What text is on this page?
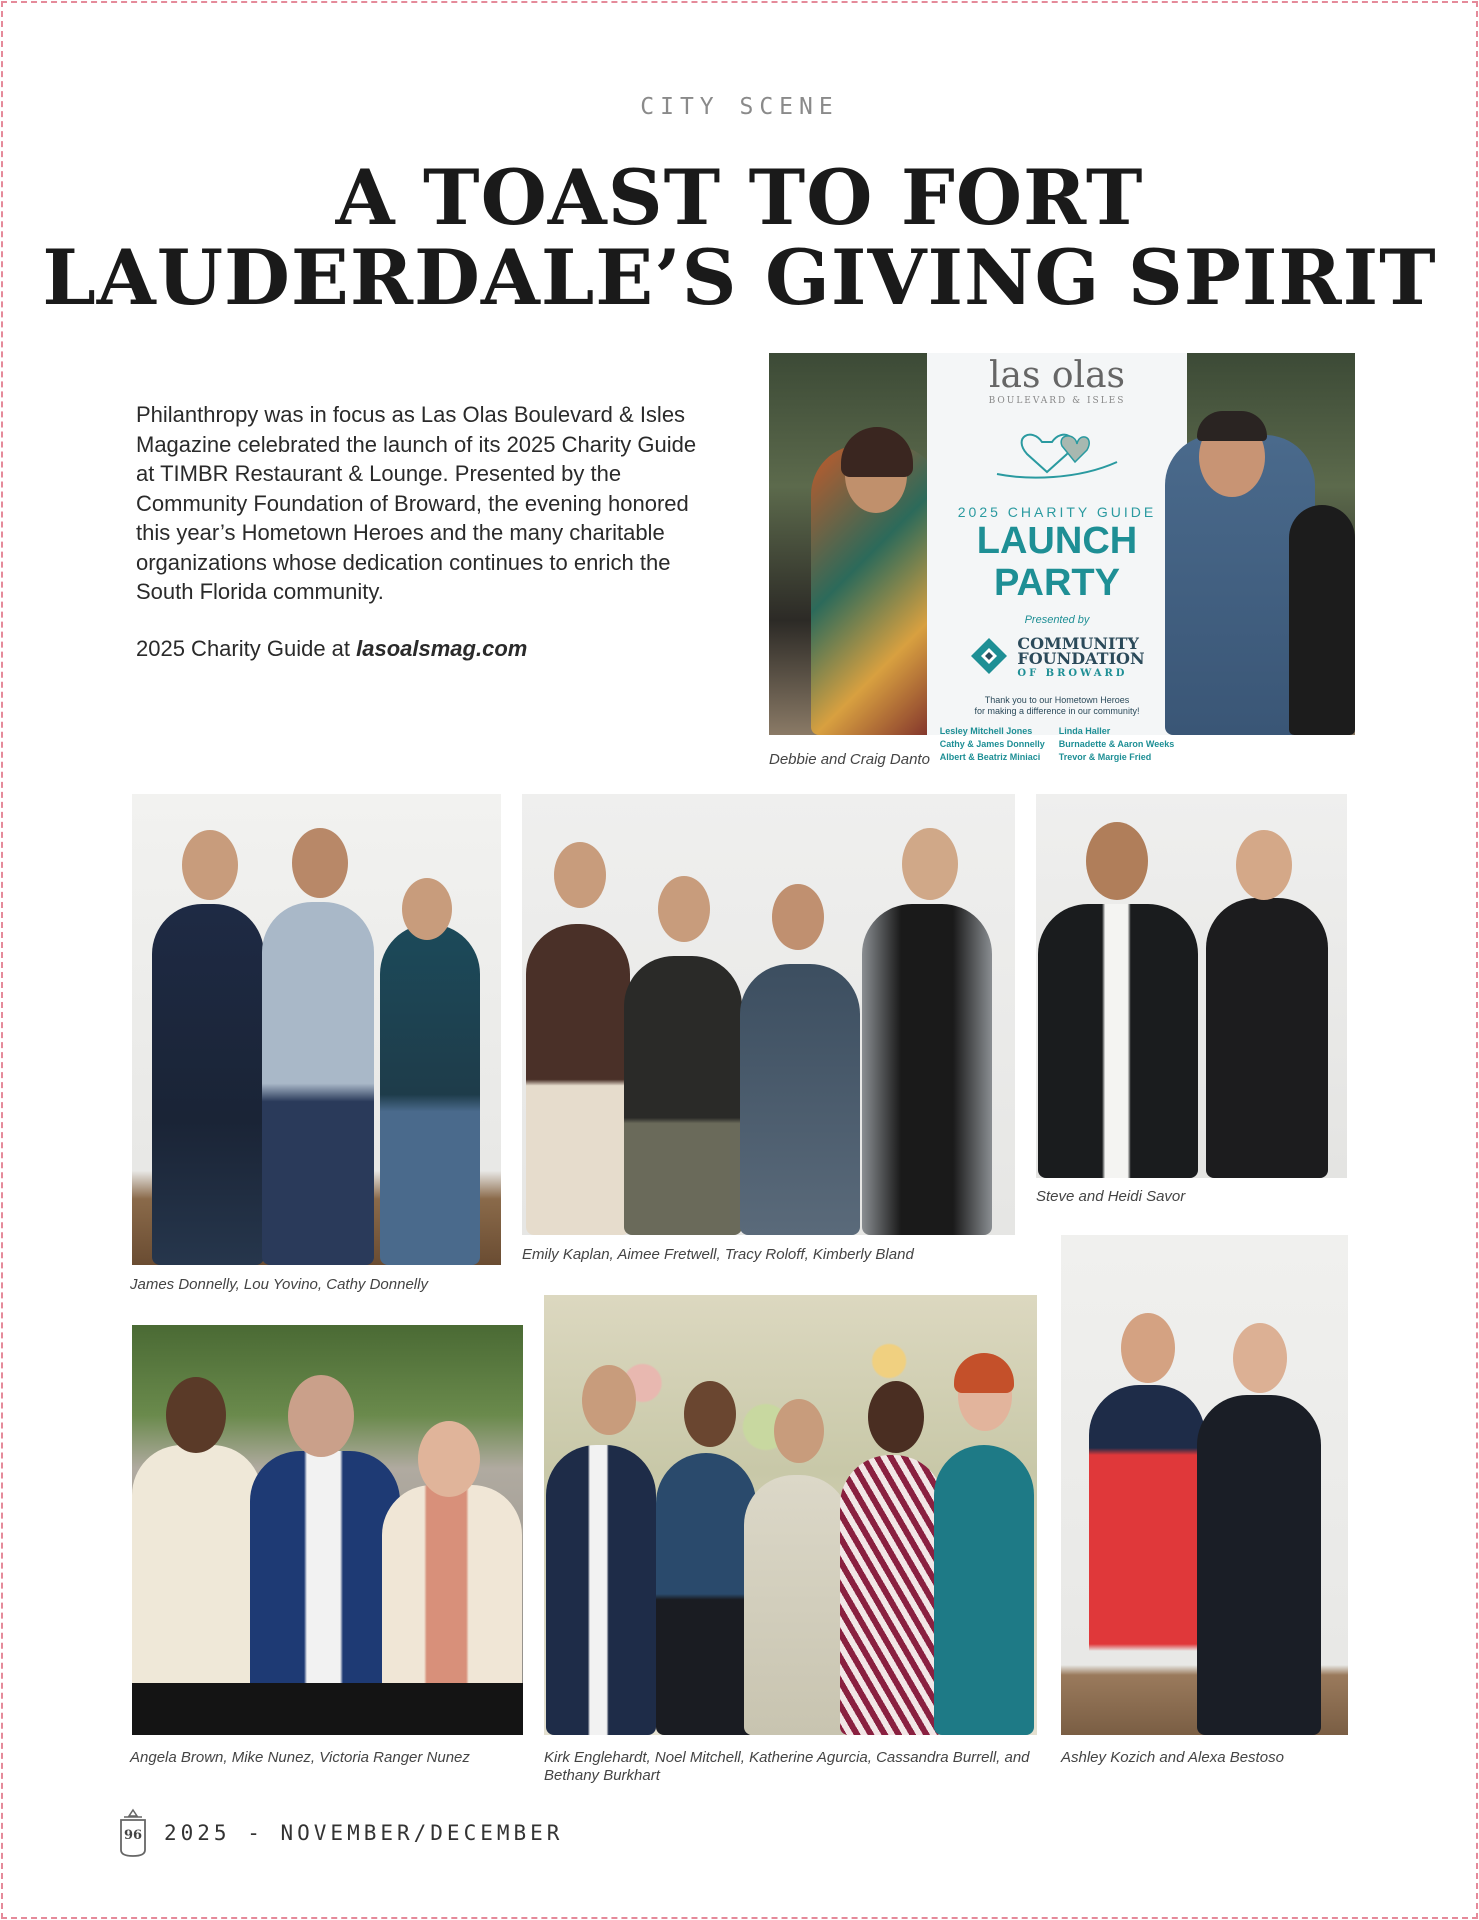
CITY SCENE
A TOAST TO FORT
LAUDERDALE’S GIVING SPIRIT

Philanthropy was in focus as Las Olas Boulevard & Isles Magazine celebrated the launch of its 2025 Charity Guide at TIMBR Restaurant & Lounge. Presented by the Community Foundation of Broward, the evening honored this year’s Hometown Heroes and the many charitable organizations whose dedication continues to enrich the South Florida community.

2025 Charity Guide at lasoalsmag.com

las olas
BOULEVARD & ISLES
2025 CHARITY GUIDE
LAUNCH PARTY
Presented by
COMMUNITY
FOUNDATION
OF BROWARD
Thank you to our Hometown Heroes
for making a difference in our community!
Lesley Mitchell Jones
Cathy & James Donnelly
Albert & Beatriz Miniaci
Linda Haller
Burnadette & Aaron Weeks
Trevor & Margie Fried
Debbie and Craig Danto
James Donnelly, Lou Yovino, Cathy Donnelly
Emily Kaplan, Aimee Fretwell, Tracy Roloff, Kimberly Bland
Steve and Heidi Savor
Angela Brown, Mike Nunez, Victoria Ranger Nunez	Kirk Englehardt, Noel Mitchell, Katherine Agurcia, Cassandra Burrell, and Bethany Burkhart
Ashley Kozich and Alexa Bestoso
96	2025 - NOVEMBER/DECEMBER
